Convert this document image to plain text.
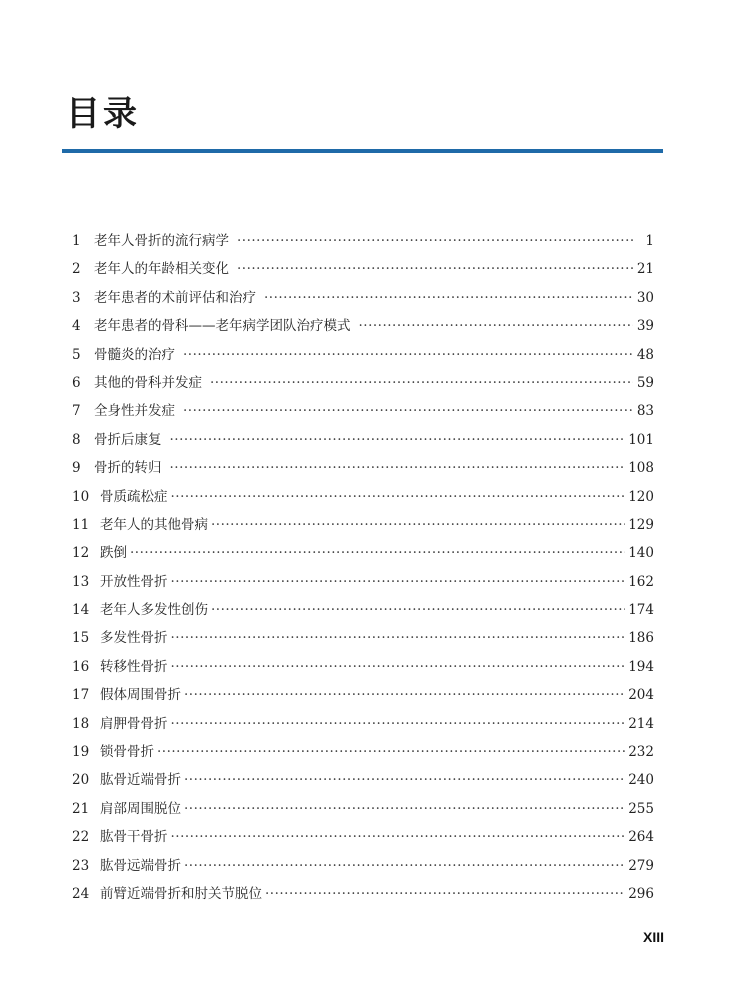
目录
1 老年人骨折的流行病学 ·····	1
2 老年人的年龄相关变化 ·····	21
3 老年患者的术前评估和治疗 ·····	30
4 老年患者的骨科——老年病学团队治疗模式 ·····	39
5 骨髓炎的治疗 ·····	48
6 其他的骨科并发症 ·····	59
7 全身性并发症 ·····	83
8 骨折后康复 ·····	101
9 骨折的转归 ·····	108
10 骨质疏松症 ·····	120
11 老年人的其他骨病 ·····	129
12 跌倒 ·····	140
13 开放性骨折 ·····	162
14 老年人多发性创伤 ·····	174
15 多发性骨折 ·····	186
16 转移性骨折 ·····	194
17 假体周围骨折 ·····	204
18 肩胛骨骨折 ·····	214
19 锁骨骨折 ·····	232
20 肱骨近端骨折 ·····	240
21 肩部周围脱位 ·····	255
22 肱骨干骨折 ·····	264
23 肱骨远端骨折 ·····	279
24 前臂近端骨折和肘关节脱位 ·····	296
XIII
